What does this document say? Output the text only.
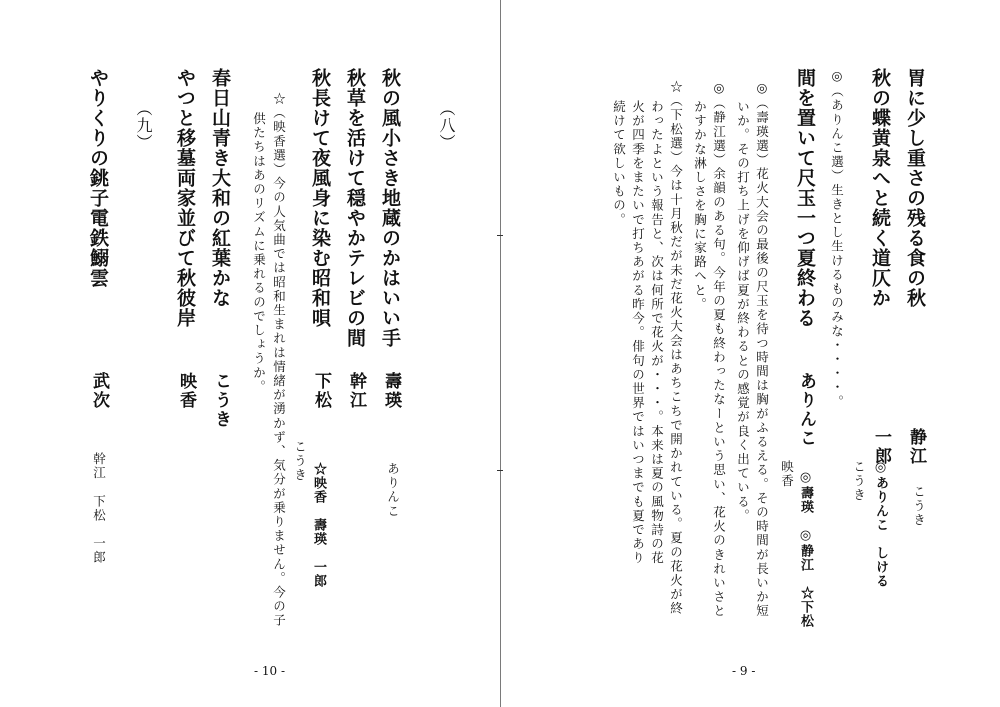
胃に少し重さの残る食の秋
静江
こうき
秋の蝶黄泉へと続く道仄か
一郎
◎ありんこ　しける
こうき
◎（ありんこ選）生きとし生けるものみな・・・・。
間を置いて尺玉一つ夏終わる
ありんこ
◎壽瑛　◎静江　☆下松
映香
◎（壽瑛選）花火大会の最後の尺玉を待つ時間は胸がふるえる。その時間が長いか短
いか。その打ち上げを仰げば夏が終わるとの感覚が良く出ている。
◎（静江選）余韻のある句。今年の夏も終わったなーという思い、花火のきれいさと
かすかな淋しさを胸に家路へと。
☆（下松選）今は十月秋だが未だ花火大会はあちこちで開かれている。夏の花火が終
わったよという報告と、次は何所で花火が・・・。本来は夏の風物詩の花
火が四季をまたいで打ちあがる昨今。俳句の世界ではいつまでも夏であり
続けて欲しいもの。
- 9 -
（八）
秋の風小さき地蔵のかはいい手
壽瑛
ありんこ
秋草を活けて穏やかテレビの間
幹江
秋長けて夜風身に染む昭和唄
下松
☆映香　壽瑛　一郎
こうき
☆（映香選）今の人気曲では昭和生まれは情緒が湧かず、気分が乗りません。今の子
供たちはあのリズムに乗れるのでしょうか。
春日山青き大和の紅葉かな
こうき
やつと移墓両家並びて秋彼岸
映香
（九）
やりくりの銚子電鉄鰯雲
武次
幹江　下松　一郎
- 10 -
